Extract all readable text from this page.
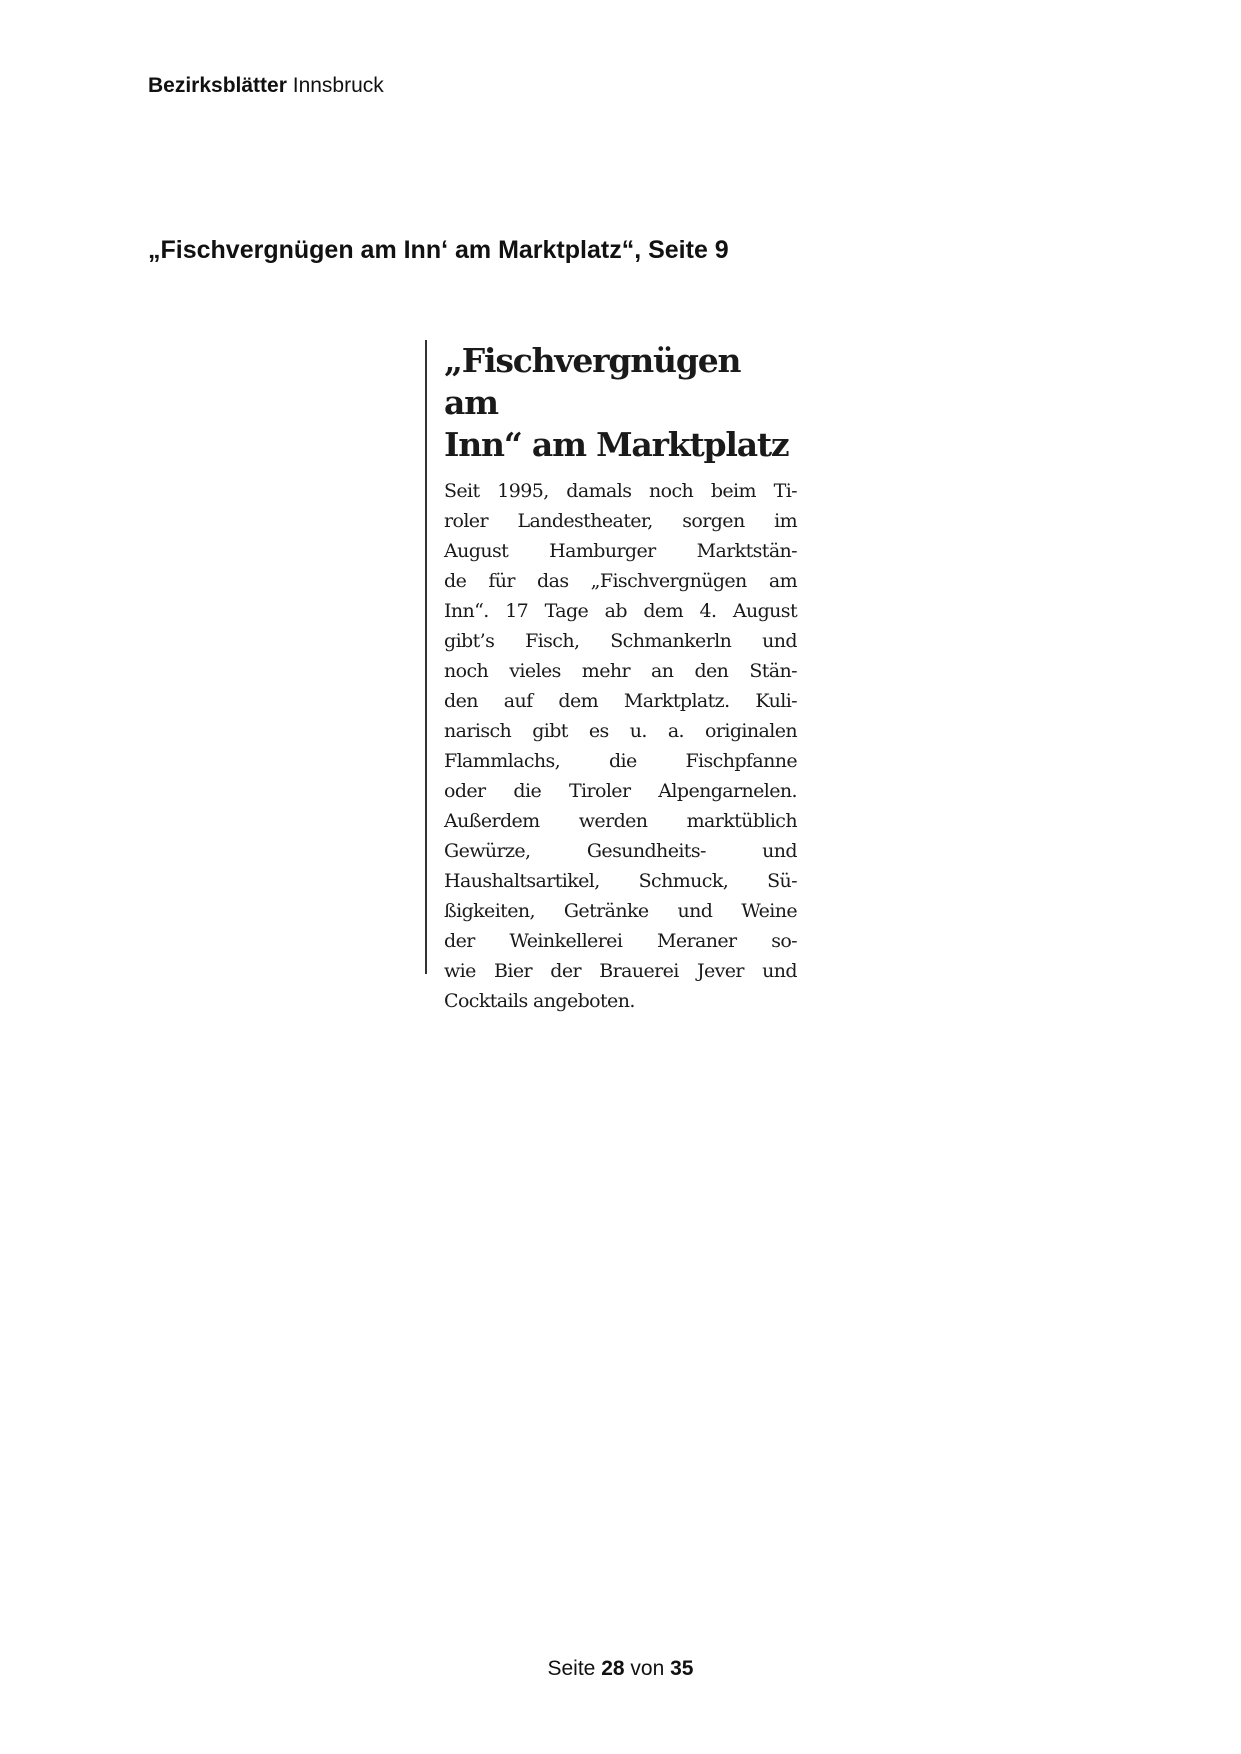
Bezirksblätter Innsbruck
„Fischvergnügen am Inn‘ am Marktplatz“, Seite 9
„Fischvergnügen am
Inn“ am Marktplatz
Seit 1995, damals noch beim Ti-
roler Landestheater, sorgen im
August Hamburger Marktstän-
de für das „Fischvergnügen am
Inn“. 17 Tage ab dem 4. August
gibt’s Fisch, Schmankerln und
noch vieles mehr an den Stän-
den auf dem Marktplatz. Kuli-
narisch gibt es u. a. originalen
Flammlachs, die Fischpfanne
oder die Tiroler Alpengarnelen.
Außerdem werden marktüblich
Gewürze, Gesundheits- und
Haushaltsartikel, Schmuck, Sü-
ßigkeiten, Getränke und Weine
der Weinkellerei Meraner so-
wie Bier der Brauerei Jever und
Cocktails angeboten.
Seite 28 von 35
